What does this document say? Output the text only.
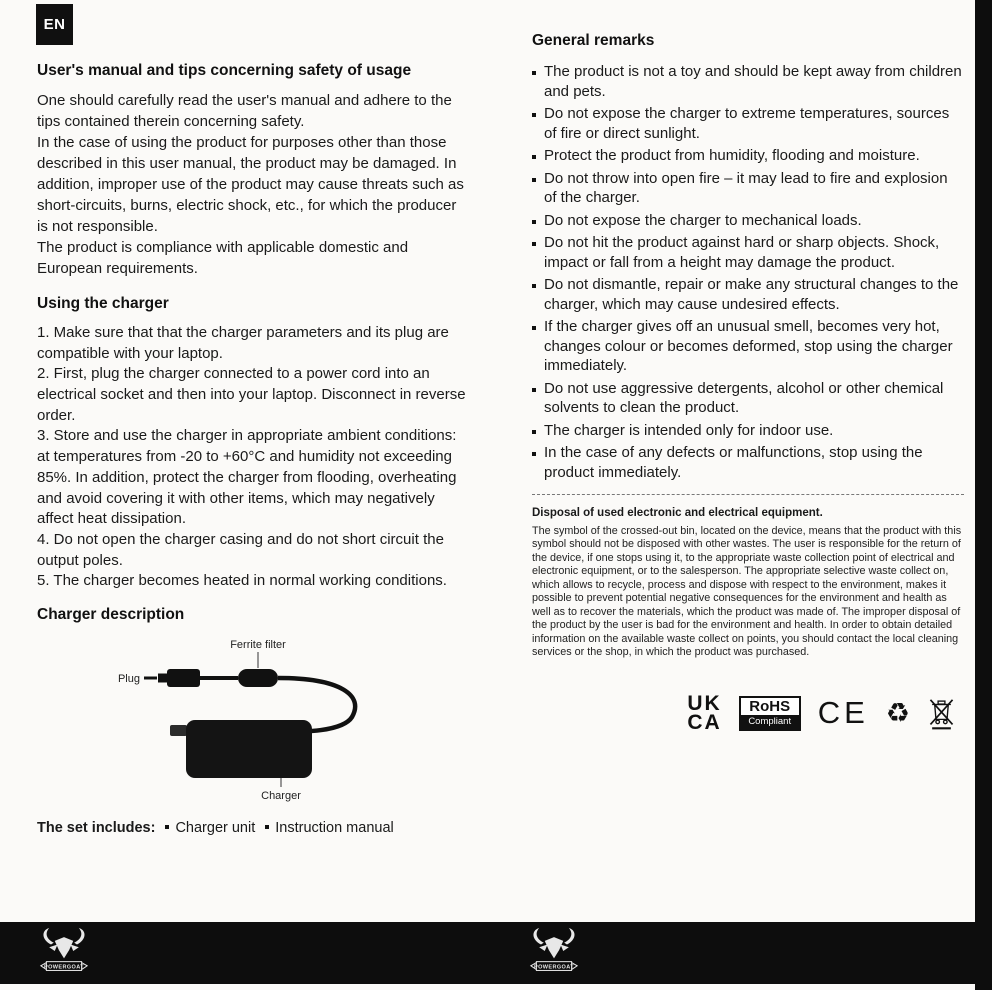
EN
User's manual and tips concerning safety of usage

One should carefully read the user's manual and adhere to the tips contained therein concerning safety.
In the case of using the product for purposes other than those described in this user manual, the product may be damaged. In addition, improper use of the product may cause threats such as short-circuits, burns, electric shock, etc., for which the producer is not responsible.
The product is compliance with applicable domestic and European requirements.

Using the charger

1. Make sure that that the charger parameters and its plug are compatible with your laptop.

2. First, plug the charger connected to a power cord into an electrical socket and then into your laptop. Disconnect in reverse order.

3. Store and use the charger in appropriate ambient conditions: at temperatures from -20 to +60°C and humidity not exceeding 85%. In addition, protect the charger from flooding, overheating and avoid covering it with other items, which may negatively affect heat dissipation.

4. Do not open the charger casing and do not short circuit the output poles.

5. The charger becomes heated in normal working conditions.

Charger description
Ferrite filter
Plug
Charger
The set includes: Charger unit Instruction manual
General remarks
The product is not a toy and should be kept away from children and pets.
Do not expose the charger to extreme temperatures, sources of fire or direct sunlight.
Protect the product from humidity, flooding and moisture.
Do not throw into open fire – it may lead to fire and explosion of the charger.
Do not expose the charger to mechanical loads.
Do not hit the product against hard or sharp objects. Shock, impact or fall from a height may damage the product.
Do not dismantle, repair or make any structural changes to the charger, which may cause undesired effects.
If the charger gives off an unusual smell, becomes very hot, changes colour or becomes deformed, stop using the charger immediately.
Do not use aggressive detergents, alcohol or other chemical solvents to clean the product.
The charger is intended only for indoor use.
In the case of any defects or malfunctions, stop using the product immediately.
Disposal of used electronic and electrical equipment.

The symbol of the crossed-out bin, located on the device, means that the product with this symbol should not be disposed with other wastes. The user is responsible for the return of the device, if one stops using it, to the appropriate waste collection point of electrical and electronic equipment, or to the salesperson. The appropriate selective waste collect on, which allows to recycle, process and dispose with respect to the environment, makes it possible to prevent potential negative consequences for the environment and health as well as to recover the materials, which the product was made of. The improper disposal of the product by the user is bad for the environment and health. In order to obtain detailed information on the available waste collect on points, you should contact the local cleaning services or the shop, in which the product was purchased.

UK
CA
RoHS
Compliant CE ♻
POWERGOAT	POWERGOAT
